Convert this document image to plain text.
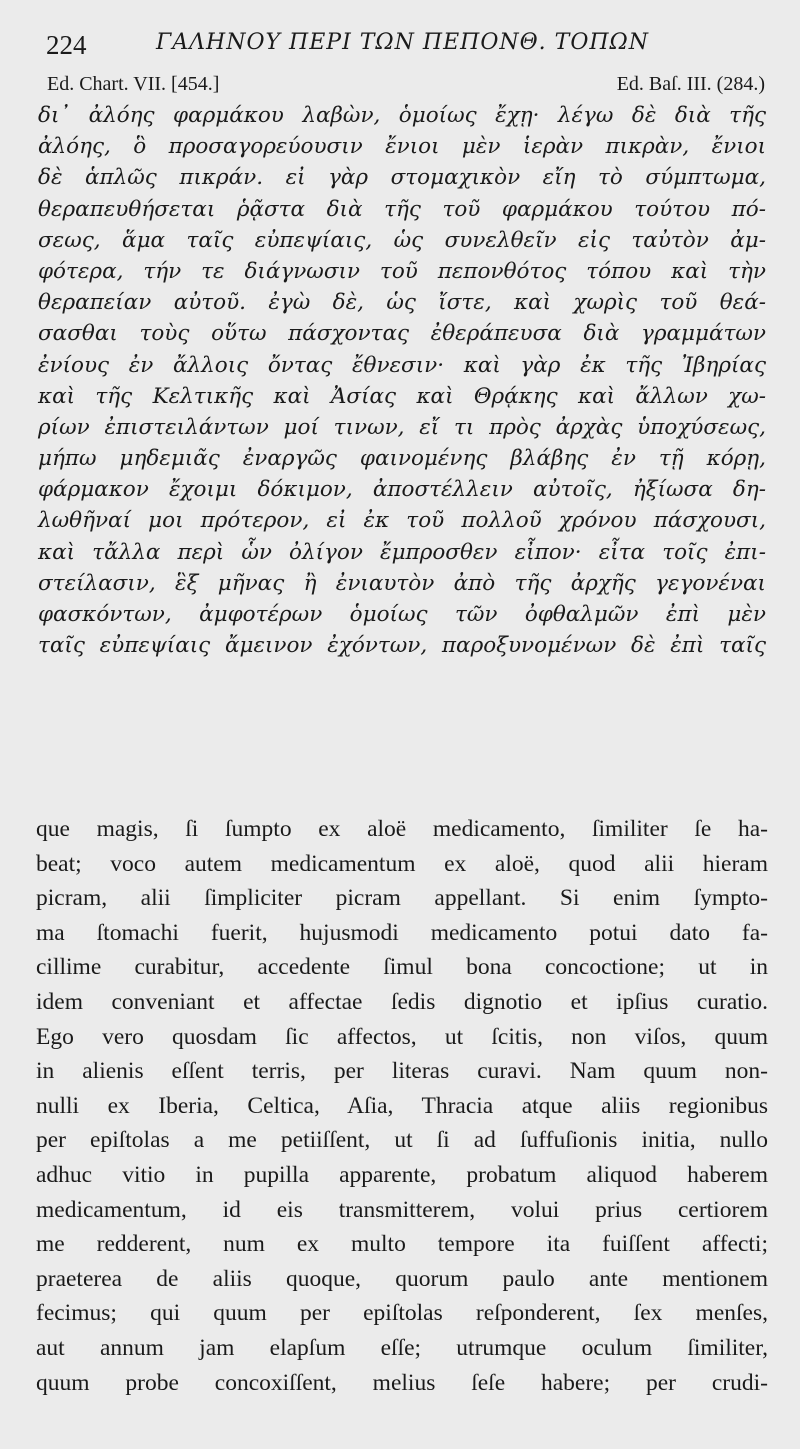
224	ΓΑΛΗΝΟΥ ΠΕΡΙ ΤΩΝ ΠΕΠΟΝΘ. ΤΟΠΩΝ
Ed. Chart. VII. [454.]	Ed. Baſ. III. (284.)
δι᾽ ἀλόης φαρμάκου λαβὼν, ὁμοίως ἔχῃ· λέγω δὲ διὰ τῆς
ἀλόης, ὃ προσαγορεύουσιν ἔνιοι μὲν ἱερὰν πικρὰν, ἔνιοι
δὲ ἁπλῶς πικράν. εἰ γὰρ στομαχικὸν εἴη τὸ σύμπτωμα,
θεραπευθήσεται ῥᾷστα διὰ τῆς τοῦ φαρμάκου τούτου πό-
σεως, ἅμα ταῖς εὐπεψίαις, ὡς συνελθεῖν εἰς ταὐτὸν ἀμ-
φότερα, τήν τε διάγνωσιν τοῦ πεπονθότος τόπου καὶ τὴν
θεραπείαν αὐτοῦ. ἐγὼ δὲ, ὡς ἴστε, καὶ χωρὶς τοῦ θεά-
σασθαι τοὺς οὕτω πάσχοντας ἐθεράπευσα διὰ γραμμάτων
ἐνίους ἐν ἄλλοις ὄντας ἔθνεσιν· καὶ γὰρ ἐκ τῆς Ἰβηρίας
καὶ τῆς Κελτικῆς καὶ Ἀσίας καὶ Θρᾴκης καὶ ἄλλων χω-
ρίων ἐπιστειλάντων μοί τινων, εἴ τι πρὸς ἀρχὰς ὑποχύσεως,
μήπω μηδεμιᾶς ἐναργῶς φαινομένης βλάβης ἐν τῇ κόρῃ,
φάρμακον ἔχοιμι δόκιμον, ἀποστέλλειν αὐτοῖς, ἠξίωσα δη-
λωθῆναί μοι πρότερον, εἰ ἐκ τοῦ πολλοῦ χρόνου πάσχουσι,
καὶ τἄλλα περὶ ὧν ὀλίγον ἔμπροσθεν εἶπον· εἶτα τοῖς ἐπι-
στείλασιν, ἓξ μῆνας ἢ ἐνιαυτὸν ἀπὸ τῆς ἀρχῆς γεγονέναι
φασκόντων, ἀμφοτέρων ὁμοίως τῶν ὀφθαλμῶν ἐπὶ μὲν
ταῖς εὐπεψίαις ἄμεινον ἐχόντων, παροξυνομένων δὲ ἐπὶ ταῖς
que magis, ſi ſumpto ex aloë medicamento, ſimiliter ſe ha-
beat; voco autem medicamentum ex aloë, quod alii hieram
picram, alii ſimpliciter picram appellant. Si enim ſympto-
ma ſtomachi fuerit, hujusmodi medicamento potui dato fa-
cillime curabitur, accedente ſimul bona concoctione; ut in
idem conveniant et affectae ſedis dignotio et ipſius curatio.
Ego vero quosdam ſic affectos, ut ſcitis, non viſos, quum
in alienis eſſent terris, per literas curavi. Nam quum non-
nulli ex Iberia, Celtica, Aſia, Thracia atque aliis regionibus
per epiſtolas a me petiiſſent, ut ſi ad ſuffuſionis initia, nullo
adhuc vitio in pupilla apparente, probatum aliquod haberem
medicamentum, id eis transmitterem, volui prius certiorem
me redderent, num ex multo tempore ita fuiſſent affecti;
praeterea de aliis quoque, quorum paulo ante mentionem
fecimus; qui quum per epiſtolas reſponderent, ſex menſes,
aut annum jam elapſum eſſe; utrumque oculum ſimiliter,
quum probe concoxiſſent, melius ſeſe habere; per crudi-
